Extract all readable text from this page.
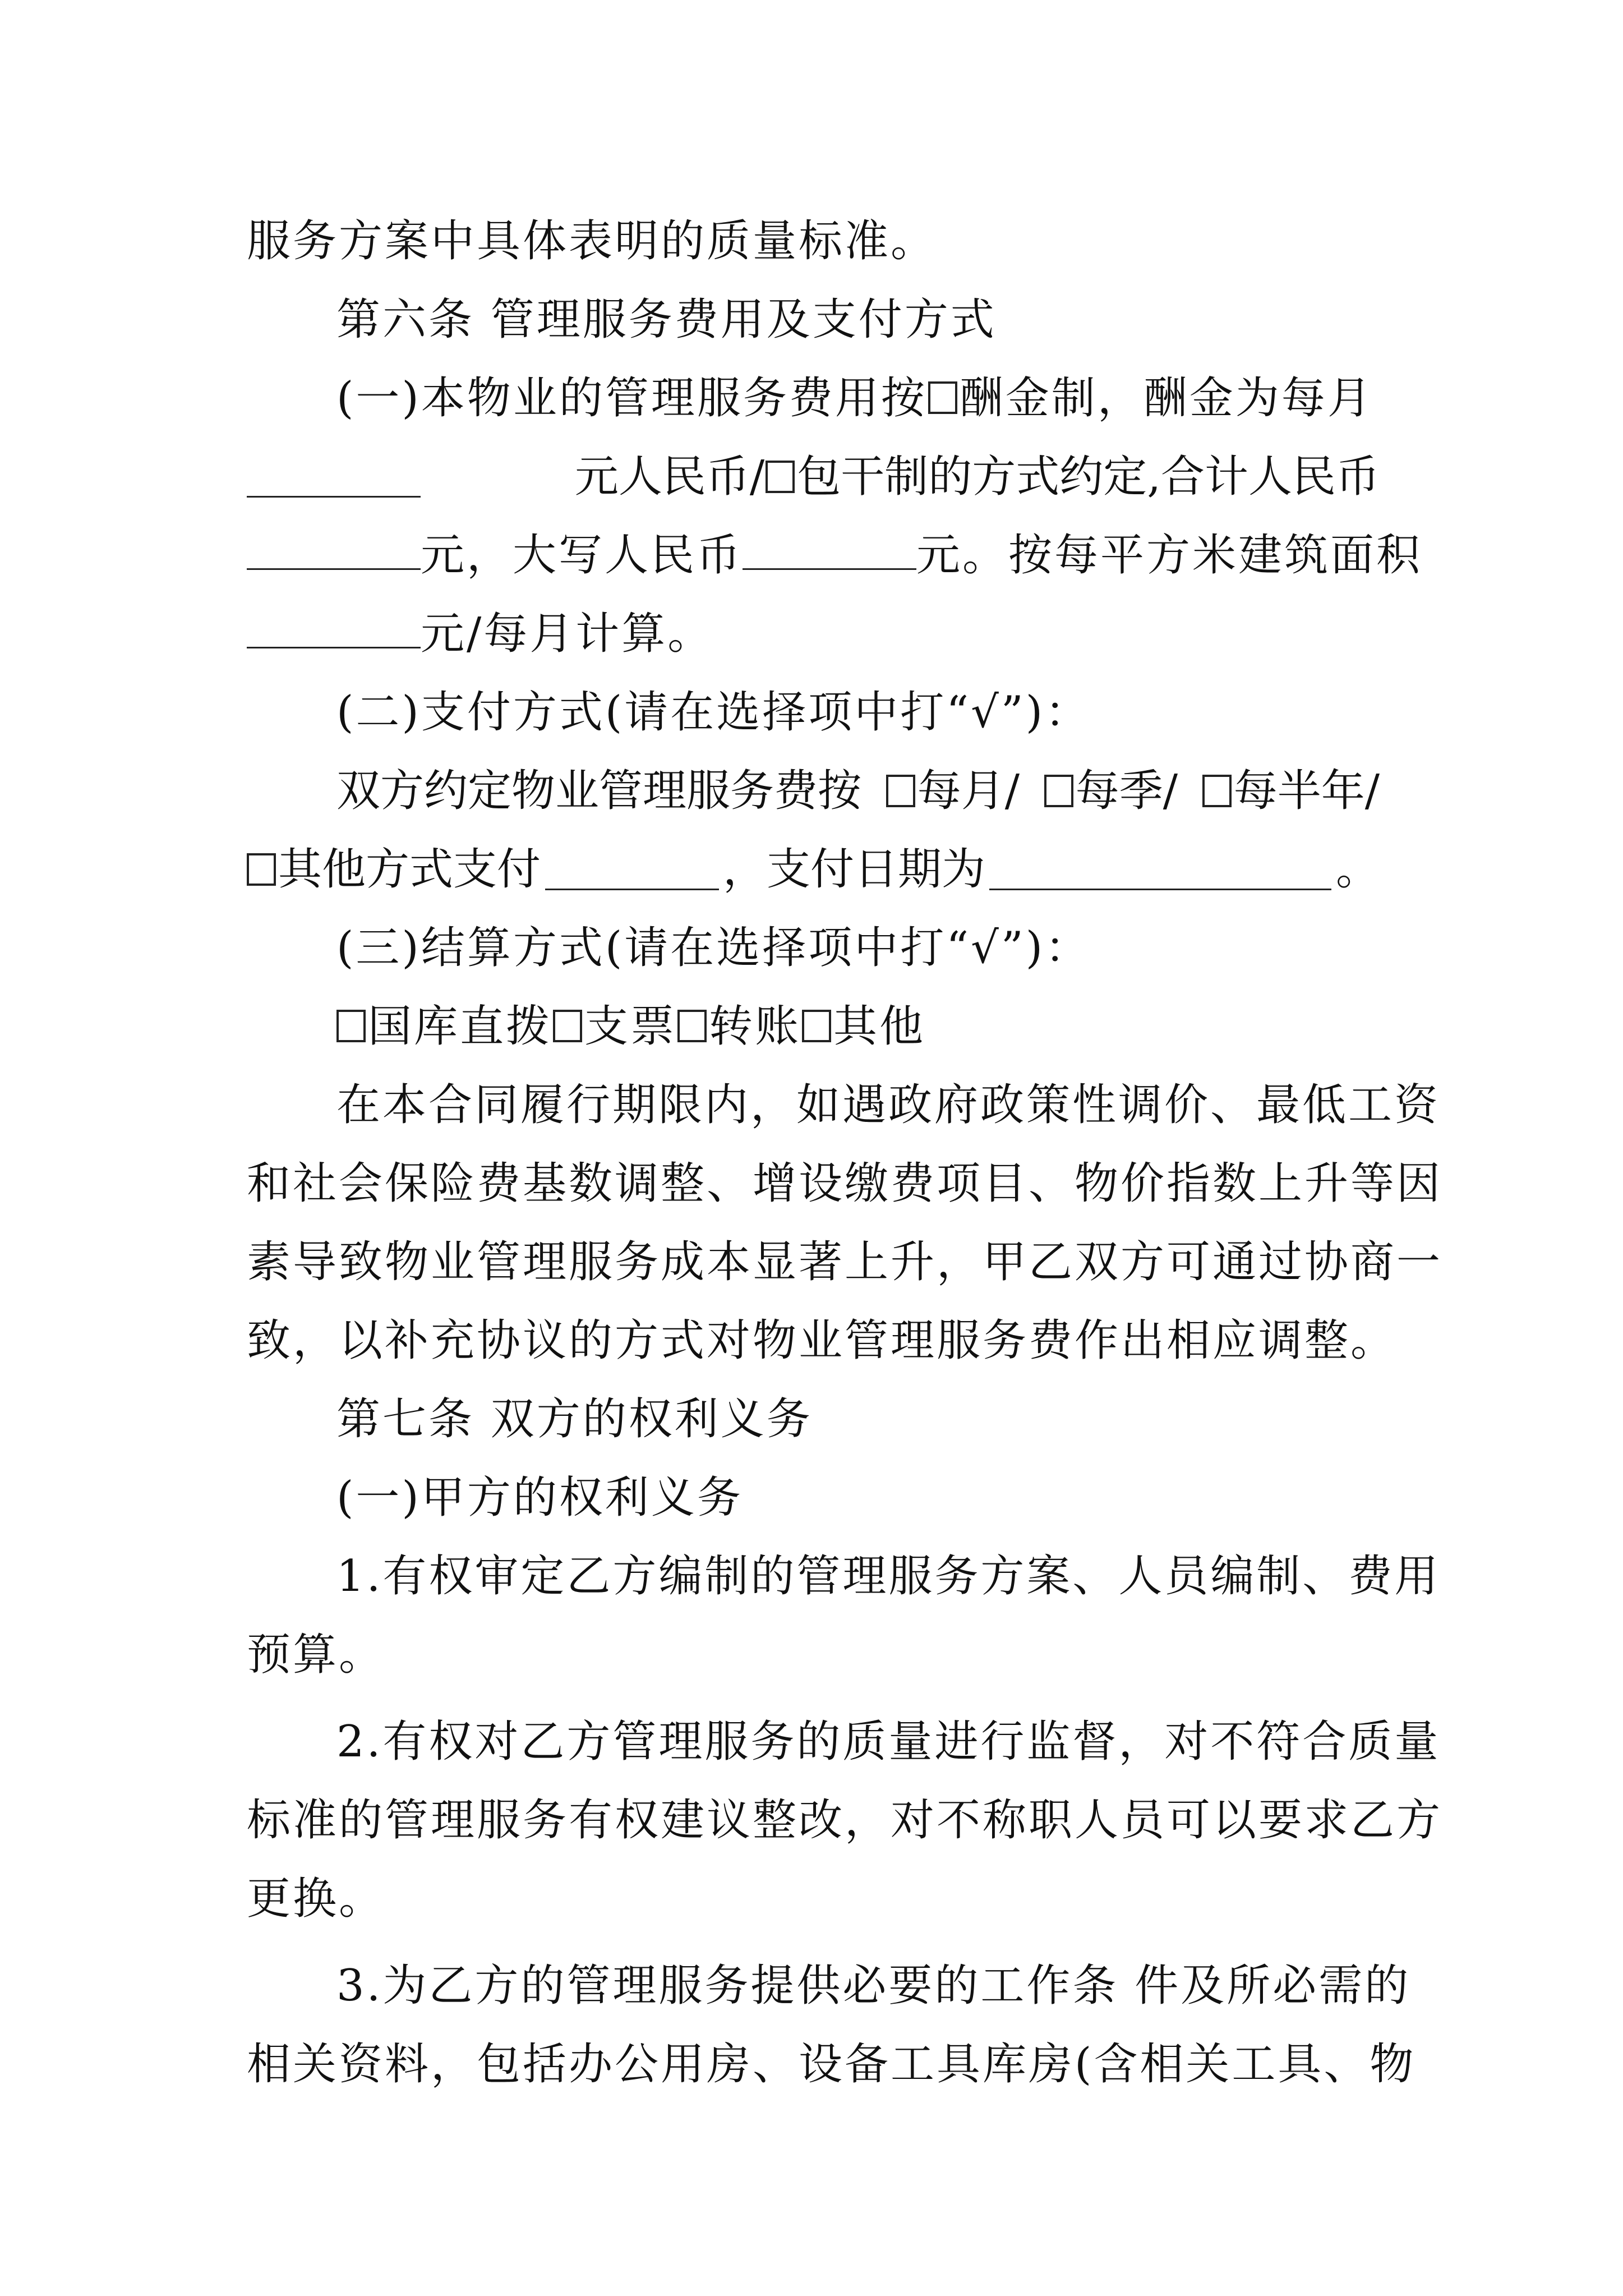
服务方案中具体表明的质量标准。
第六条 管理服务费用及支付方式
(一)本物业的管理服务费用按 酬金制，酬金为每月
元人民币/ 包干制的方式约定,合计人民币
元，大写人民币	元。按每平方米建筑面积
元/每月计算。
(二)支付方式(请在选择项中打“√”)：
双方约定物业管理服务费按 每月/ 每季/ 每半年/
其他方式支付	，支付日期为	。
(三)结算方式(请在选择项中打“√”)：
国库直拨 支票 转账 其他
在本合同履行期限内，如遇政府政策性调价、最低工资
和社会保险费基数调整、增设缴费项目、物价指数上升等因
素导致物业管理服务成本显著上升，甲乙双方可通过协商一
致，以补充协议的方式对物业管理服务费作出相应调整。
第七条 双方的权利义务
(一)甲方的权利义务
1.有权审定乙方编制的管理服务方案、人员编制、费用
预算。
2.有权对乙方管理服务的质量进行监督，对不符合质量
标准的管理服务有权建议整改，对不称职人员可以要求乙方
更换。
3.为乙方的管理服务提供必要的工作条 件及所必需的
相关资料，包括办公用房、设备工具库房(含相关工具、物
